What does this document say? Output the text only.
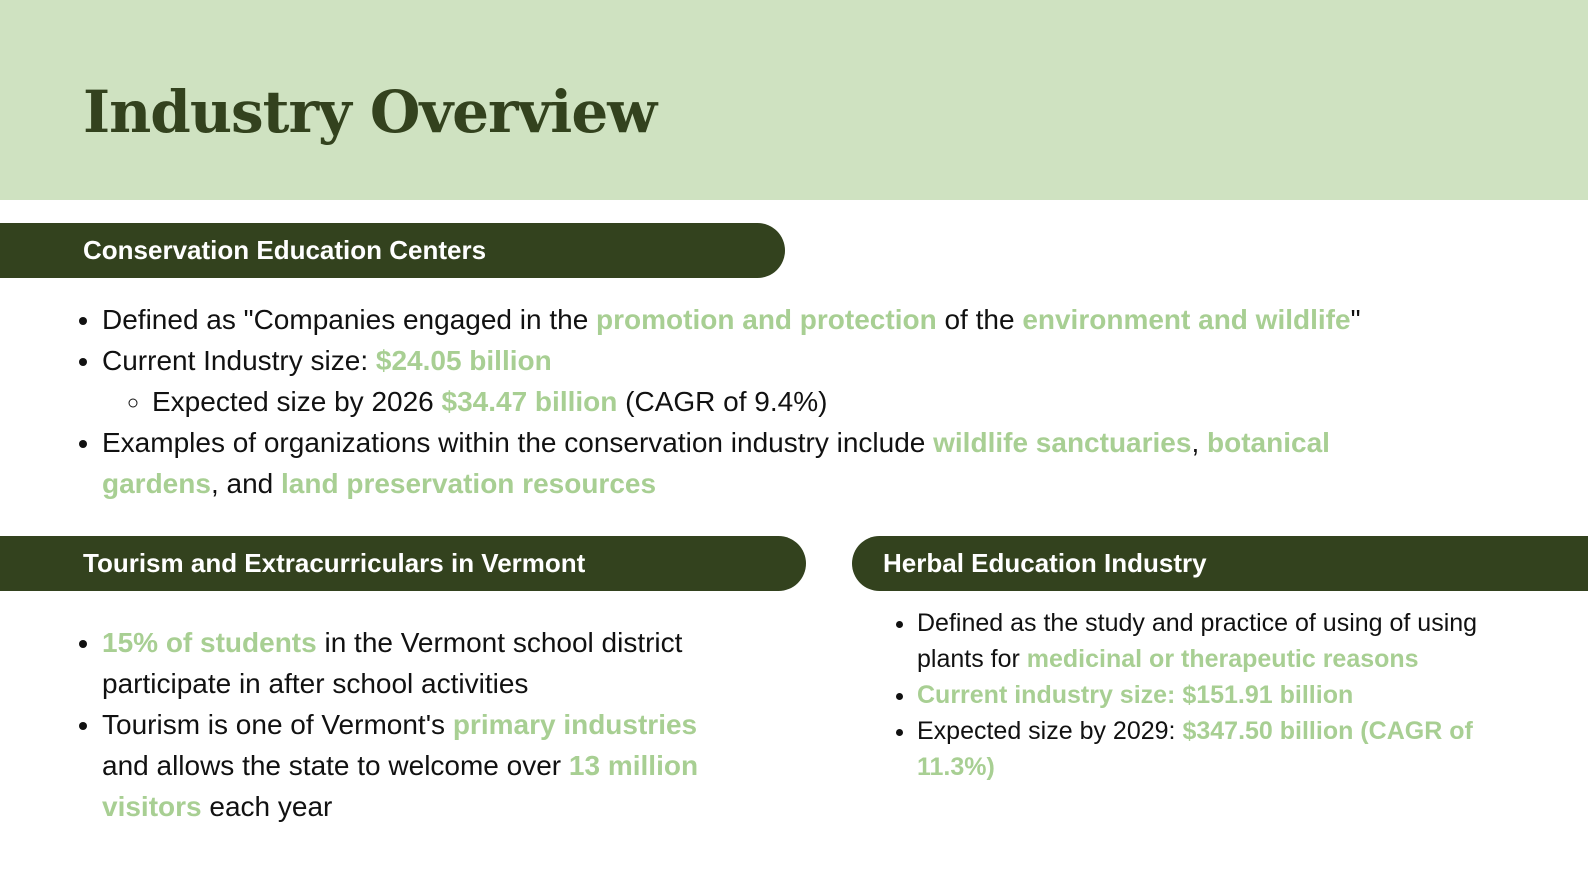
Industry Overview
Conservation Education Centers
• Defined as "Companies engaged in the promotion and protection of the environment and wildlife"
• Current Industry size: $24.05 billion
◦ Expected size by 2026 $34.47 billion (CAGR of 9.4%)
• Examples of organizations within the conservation industry include wildlife sanctuaries, botanical gardens, and land preservation resources
Tourism and Extracurriculars in Vermont
• 15% of students in the Vermont school district participate in after school activities
• Tourism is one of Vermont's primary industries and allows the state to welcome over 13 million visitors each year
Herbal Education Industry
• Defined as the study and practice of using of using plants for medicinal or therapeutic reasons
• Current industry size: $151.91 billion
• Expected size by 2029: $347.50 billion (CAGR of 11.3%)
